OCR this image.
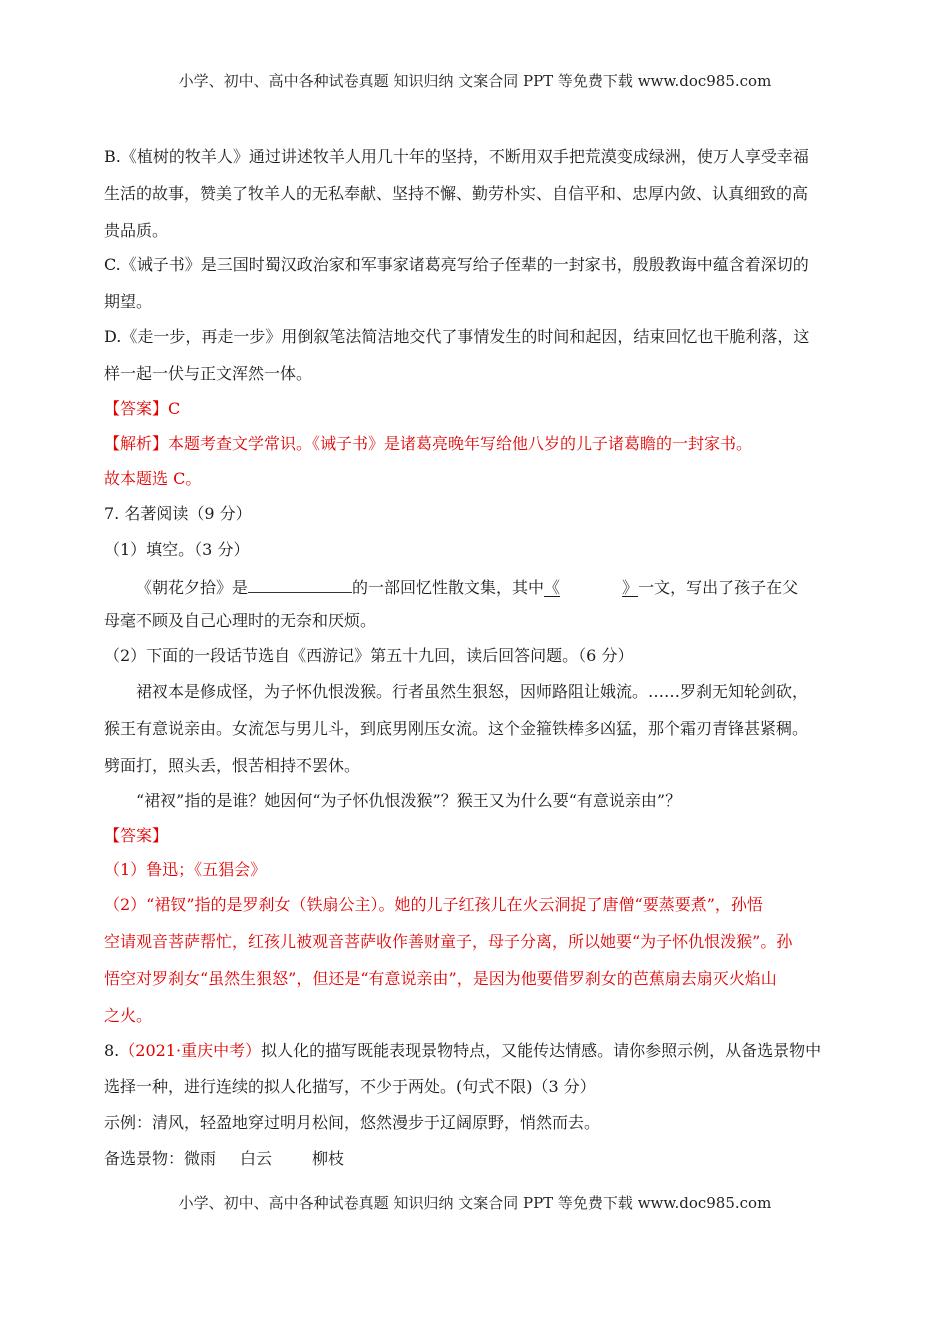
小学、初中、高中各种试卷真题 知识归纳 文案合同 PPT 等免费下载 www.doc985.com
B.《植树的牧羊人》通过讲述牧羊人用几十年的坚持，不断用双手把荒漠变成绿洲，使万人享受幸福
生活的故事，赞美了牧羊人的无私奉献、坚持不懈、勤劳朴实、自信平和、忠厚内敛、认真细致的高
贵品质。
C.《诫子书》是三国时蜀汉政治家和军事家诸葛亮写给子侄辈的一封家书，殷殷教诲中蕴含着深切的
期望。
D.《走一步，再走一步》用倒叙笔法简洁地交代了事情发生的时间和起因，结束回忆也干脆利落，这
样一起一伏与正文浑然一体。
【答案】C
【解析】本题考查文学常识。《诫子书》是诸葛亮晚年写给他八岁的儿子诸葛瞻的一封家书。
故本题选 C。
7. 名著阅读（9 分）
（1）填空。（3 分）
《朝花夕拾》是	的一部回忆性散文集，其中《	》一文，写出了孩子在父
母毫不顾及自己心理时的无奈和厌烦。
（2）下面的一段话节选自《西游记》第五十九回，读后回答问题。（6 分）
裙衩本是修成怪，为子怀仇恨泼猴。行者虽然生狠怒，因师路阻让娥流。……罗刹无知轮剑砍，
猴王有意说亲由。女流怎与男儿斗，到底男刚压女流。这个金箍铁棒多凶猛，那个霜刃青锋甚紧稠。
劈面打，照头丢，恨苦相持不罢休。
“裙衩”指的是谁？她因何“为子怀仇恨泼猴”？猴王又为什么要“有意说亲由”？
【答案】
（1）鲁迅；《五猖会》
（2）“裙钗”指的是罗刹女（铁扇公主）。她的儿子红孩儿在火云洞捉了唐僧“要蒸要煮”，孙悟
空请观音菩萨帮忙，红孩儿被观音菩萨收作善财童子，母子分离，所以她要“为子怀仇恨泼猴”。孙
悟空对罗刹女“虽然生狠怒”，但还是“有意说亲由”，是因为他要借罗刹女的芭蕉扇去扇灭火焰山
之火。
8.（2021·重庆中考）拟人化的描写既能表现景物特点，又能传达情感。请你参照示例，从备选景物中
选择一种，进行连续的拟人化描写，不少于两处。(句式不限)（3 分）
示例：清风，轻盈地穿过明月松间，悠然漫步于辽阔原野，悄然而去。
备选景物：微雨 白云	柳枝
小学、初中、高中各种试卷真题 知识归纳 文案合同 PPT 等免费下载 www.doc985.com
